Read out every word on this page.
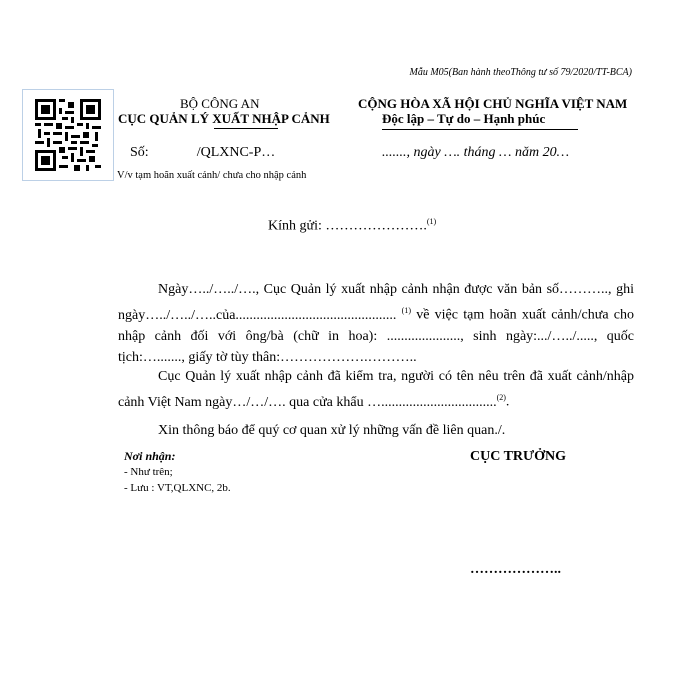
Mẫu M05(Ban hành theoThông tư số 79/2020/TT-BCA)
BỘ CÔNG AN
CỤC QUẢN LÝ XUẤT NHẬP CẢNH
CỘNG HÒA XÃ HỘI CHỦ NGHĨA VIỆT NAM
Độc lập – Tự do – Hạnh phúc
Số:	/QLXNC-P…	......., ngày …. tháng … năm 20…
V/v tạm hoãn xuất cảnh/ chưa cho nhập cảnh
Kính gửi: ………………….$^{(1)}$
Ngày…../…../…., Cục Quản lý xuất nhập cảnh nhận được văn bản số……….., ghi ngày…../…../…..của.............................................. $^{(1)}$ về việc tạm hoãn xuất cảnh/chưa cho nhập cảnh đối với ông/bà (chữ in hoa): ....................., sinh ngày:.../…../....., quốc tịch:…......., giấy tờ tùy thân:……………….………..
Cục Quản lý xuất nhập cảnh đã kiểm tra, người có tên nêu trên đã xuất cảnh/nhập cảnh Việt Nam ngày…/…/…. qua cửa khẩu ….................................$^{(2)}$.
Xin thông báo để quý cơ quan xử lý những vấn đề liên quan./.
Nơi nhận:
- Như trên;
- Lưu : VT,QLXNC, 2b.
CỤC TRƯỞNG
………………..
